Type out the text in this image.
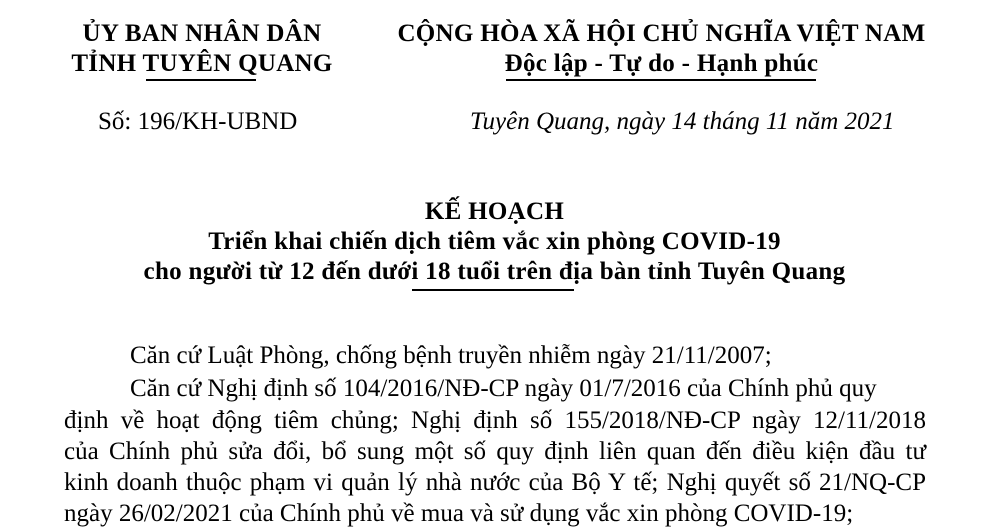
ỦY BAN NHÂN DÂN
TỈNH TUYÊN QUANG
CỘNG HÒA XÃ HỘI CHỦ NGHĨA VIỆT NAM
Độc lập - Tự do - Hạnh phúc
Số: 196/KH-UBND	Tuyên Quang, ngày 14 tháng 11 năm 2021
KẾ HOẠCH
Triển khai chiến dịch tiêm vắc xin phòng COVID-19
cho người từ 12 đến dưới 18 tuổi trên địa bàn tỉnh Tuyên Quang
Căn cứ Luật Phòng, chống bệnh truyền nhiễm ngày 21/11/2007;
Căn cứ Nghị định số 104/2016/NĐ-CP ngày 01/7/2016 của Chính phủ quy
định về hoạt động tiêm chủng; Nghị định số 155/2018/NĐ-CP ngày 12/11/2018
của Chính phủ sửa đổi, bổ sung một số quy định liên quan đến điều kiện đầu tư
kinh doanh thuộc phạm vi quản lý nhà nước của Bộ Y tế; Nghị quyết số 21/NQ-CP
ngày 26/02/2021 của Chính phủ về mua và sử dụng vắc xin phòng COVID-19;
